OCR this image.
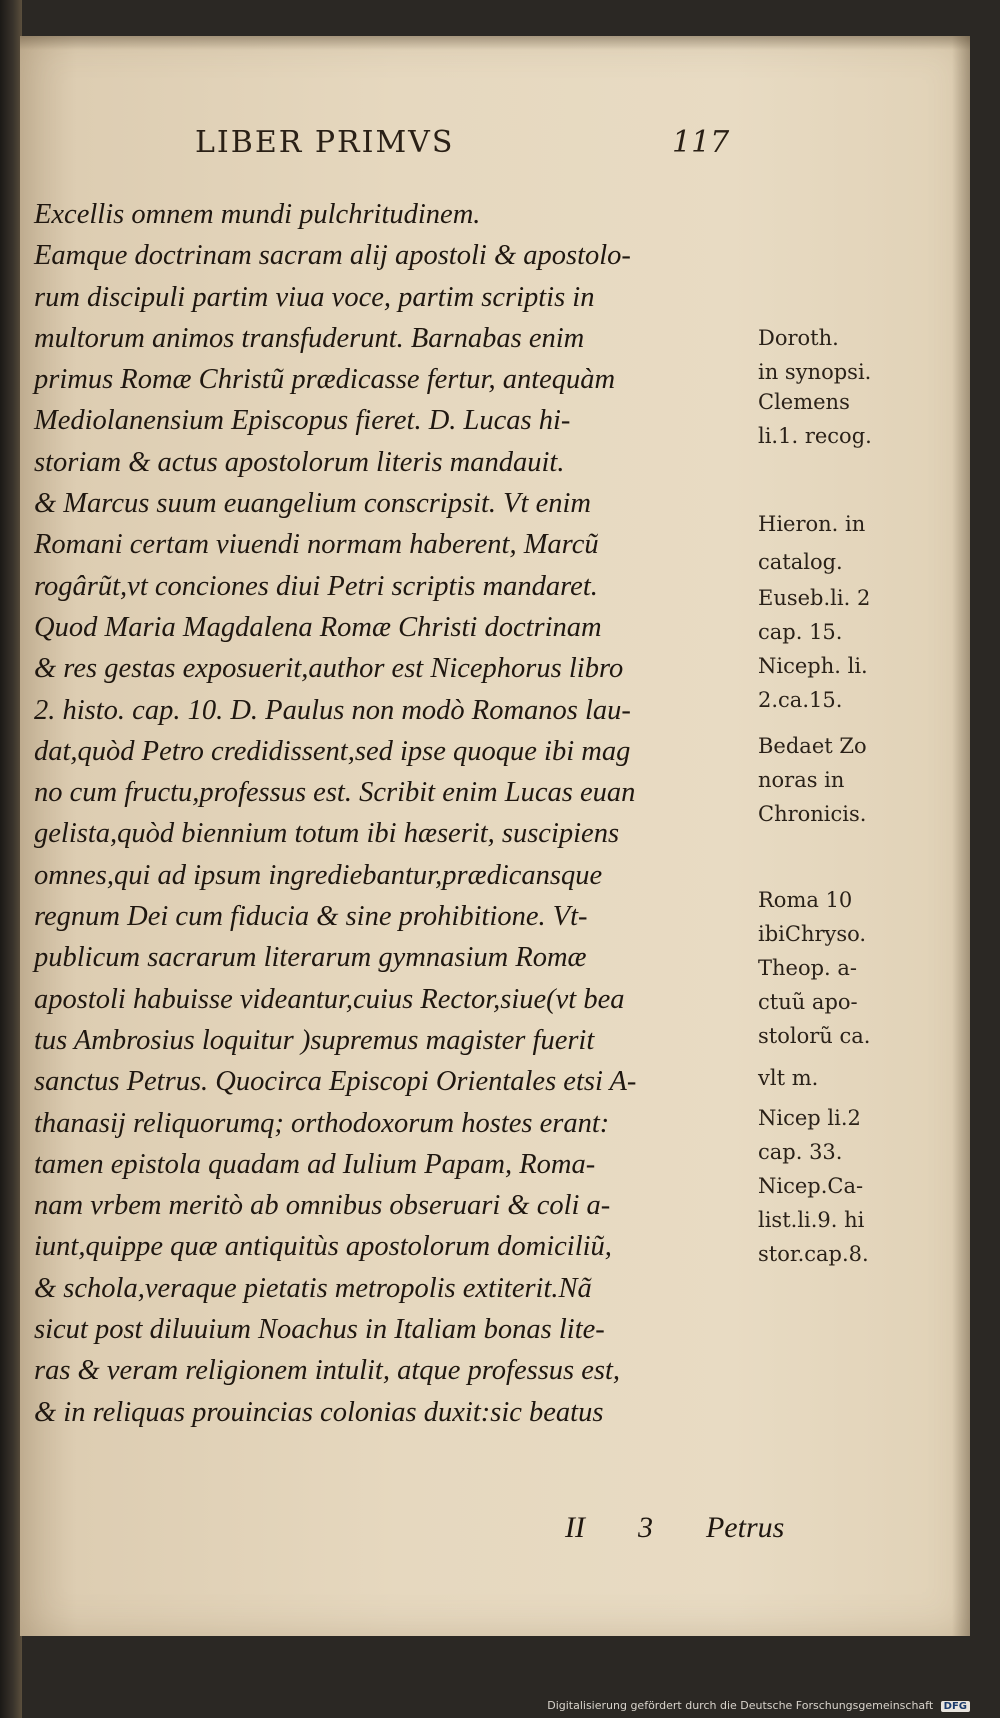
LIBER PRIMVS	117
Excellis omnem mundi pulchritudinem.
Eamque doctrinam sacram alij apostoli & apostolo-
rum discipuli partim viua voce, partim scriptis in
multorum animos transfuderunt. Barnabas enim
primus Romæ Christũ prædicasse fertur, antequàm
Mediolanensium Episcopus fieret. D. Lucas hi-
storiam & actus apostolorum literis mandauit.
& Marcus suum euangelium conscripsit. Vt enim
Romani certam viuendi normam haberent, Marcũ
rogârũt,vt conciones diui Petri scriptis mandaret.
Quod Maria Magdalena Romæ Christi doctrinam
& res gestas exposuerit,author est Nicephorus libro
2. histo. cap. 10. D. Paulus non modò Romanos lau-
dat,quòd Petro credidissent,sed ipse quoque ibi mag
no cum fructu,professus est. Scribit enim Lucas euan
gelista,quòd biennium totum ibi hæserit, suscipiens
omnes,qui ad ipsum ingrediebantur,prædicansque
regnum Dei cum fiducia & sine prohibitione. Vt-
publicum sacrarum literarum gymnasium Romæ
apostoli habuisse videantur,cuius Rector,siue(vt bea
tus Ambrosius loquitur )supremus magister fuerit
sanctus Petrus. Quocirca Episcopi Orientales etsi A-
thanasij reliquorumq; orthodoxorum hostes erant:
tamen epistola quadam ad Iulium Papam, Roma-
nam vrbem meritò ab omnibus obseruari & coli a-
iunt,quippe quæ antiquitùs apostolorum domiciliũ,
& schola,veraque pietatis metropolis extiterit.Nã
sicut post diluuium Noachus in Italiam bonas lite-
ras & veram religionem intulit, atque professus est,
& in reliquas prouincias colonias duxit:sic beatus
Doroth.
in synopsi.
Clemens
li.1. recog.
Hieron. in
catalog.
Euseb.li. 2
cap. 15.
Niceph. li.
2.ca.15.
Bedaet Zo
noras in
Chronicis.
Roma 10
ibiChryso.
Theop. a-
ctuũ apo-
stolorũ ca.
vlt m.
Nicep li.2
cap. 33.
Nicep.Ca-
list.li.9. hi
stor.cap.8.
II 3 Petrus
Digitalisierung gefördert durch die Deutsche Forschungsgemeinschaft DFG
